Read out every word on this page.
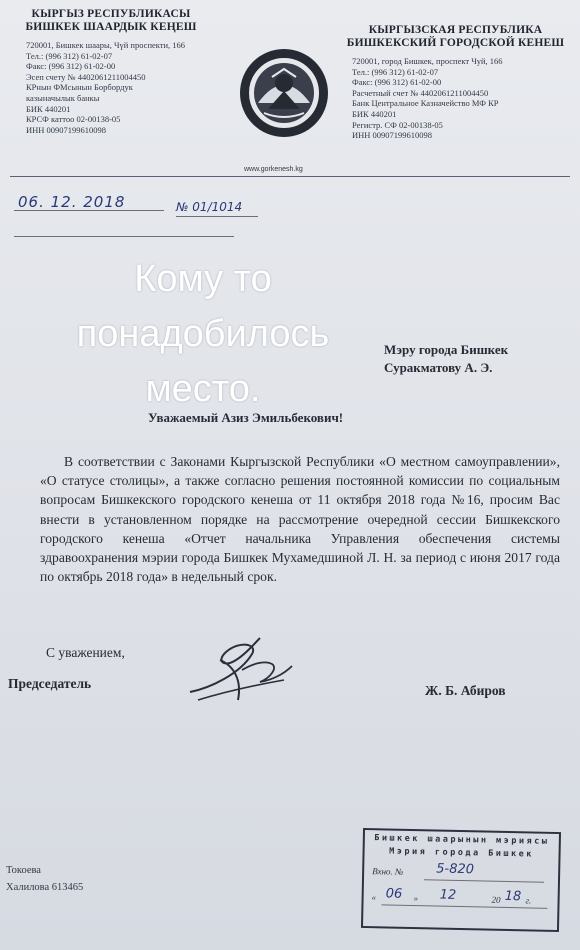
КЫРГЫЗ РЕСПУБЛИКАСЫ
БИШКЕК ШААРДЫК КЕҢЕШ
720001, Бишкек шаары, Чүй проспекти, 166
Тел.: (996 312) 61-02-07
Факс: (996 312) 61-02-00
Эсеп счету № 4402061211004450
КРнын ФМсынын Борбордук
казыначылык банкы
БИК 440201
КРСФ каттоо 02-00138-05
ИНН 00907199610098
www.gorkenesh.kg
КЫРГЫЗСКАЯ РЕСПУБЛИКА
БИШКЕКСКИЙ ГОРОДСКОЙ КЕНЕШ
720001, город Бишкек, проспект Чуй, 166
Тел.: (996 312) 61-02-07
Факс: (996 312) 61-02-00
Расчетный счет № 4402061211004450
Банк Центральное Казначейство МФ КР
БИК 440201
Регистр. СФ 02-00138-05
ИНН 00907199610098
06. 12. 2018	№ 01/1014
Кому то понадобилось место.
Мэру города Бишкек
Суракматову А. Э.
Уважаемый Азиз Эмильбекович!
В соответствии с Законами Кыргызской Республики «О местном самоуправлении», «О статусе столицы», а также согласно решения постоянной комиссии по социальным вопросам Бишкекского городского кенеша от 11 октября 2018 года №16, просим Вас внести в установленном порядке на рассмотрение очередной сессии Бишкекского городского кенеша «Отчет начальника Управления обеспечения системы здравоохранения мэрии города Бишкек Мухамедшиной Л. Н. за период с июня 2017 года по октябрь 2018 года» в недельный срок.
С уважением,
Председатель	Ж. Б. Абиров
Токоева
Халилова 613465
Бишкек шаарынын мэриясы
Мэрия города Бишкек
Вхно. № 5-820
« 06 » 12	20 18 г.
